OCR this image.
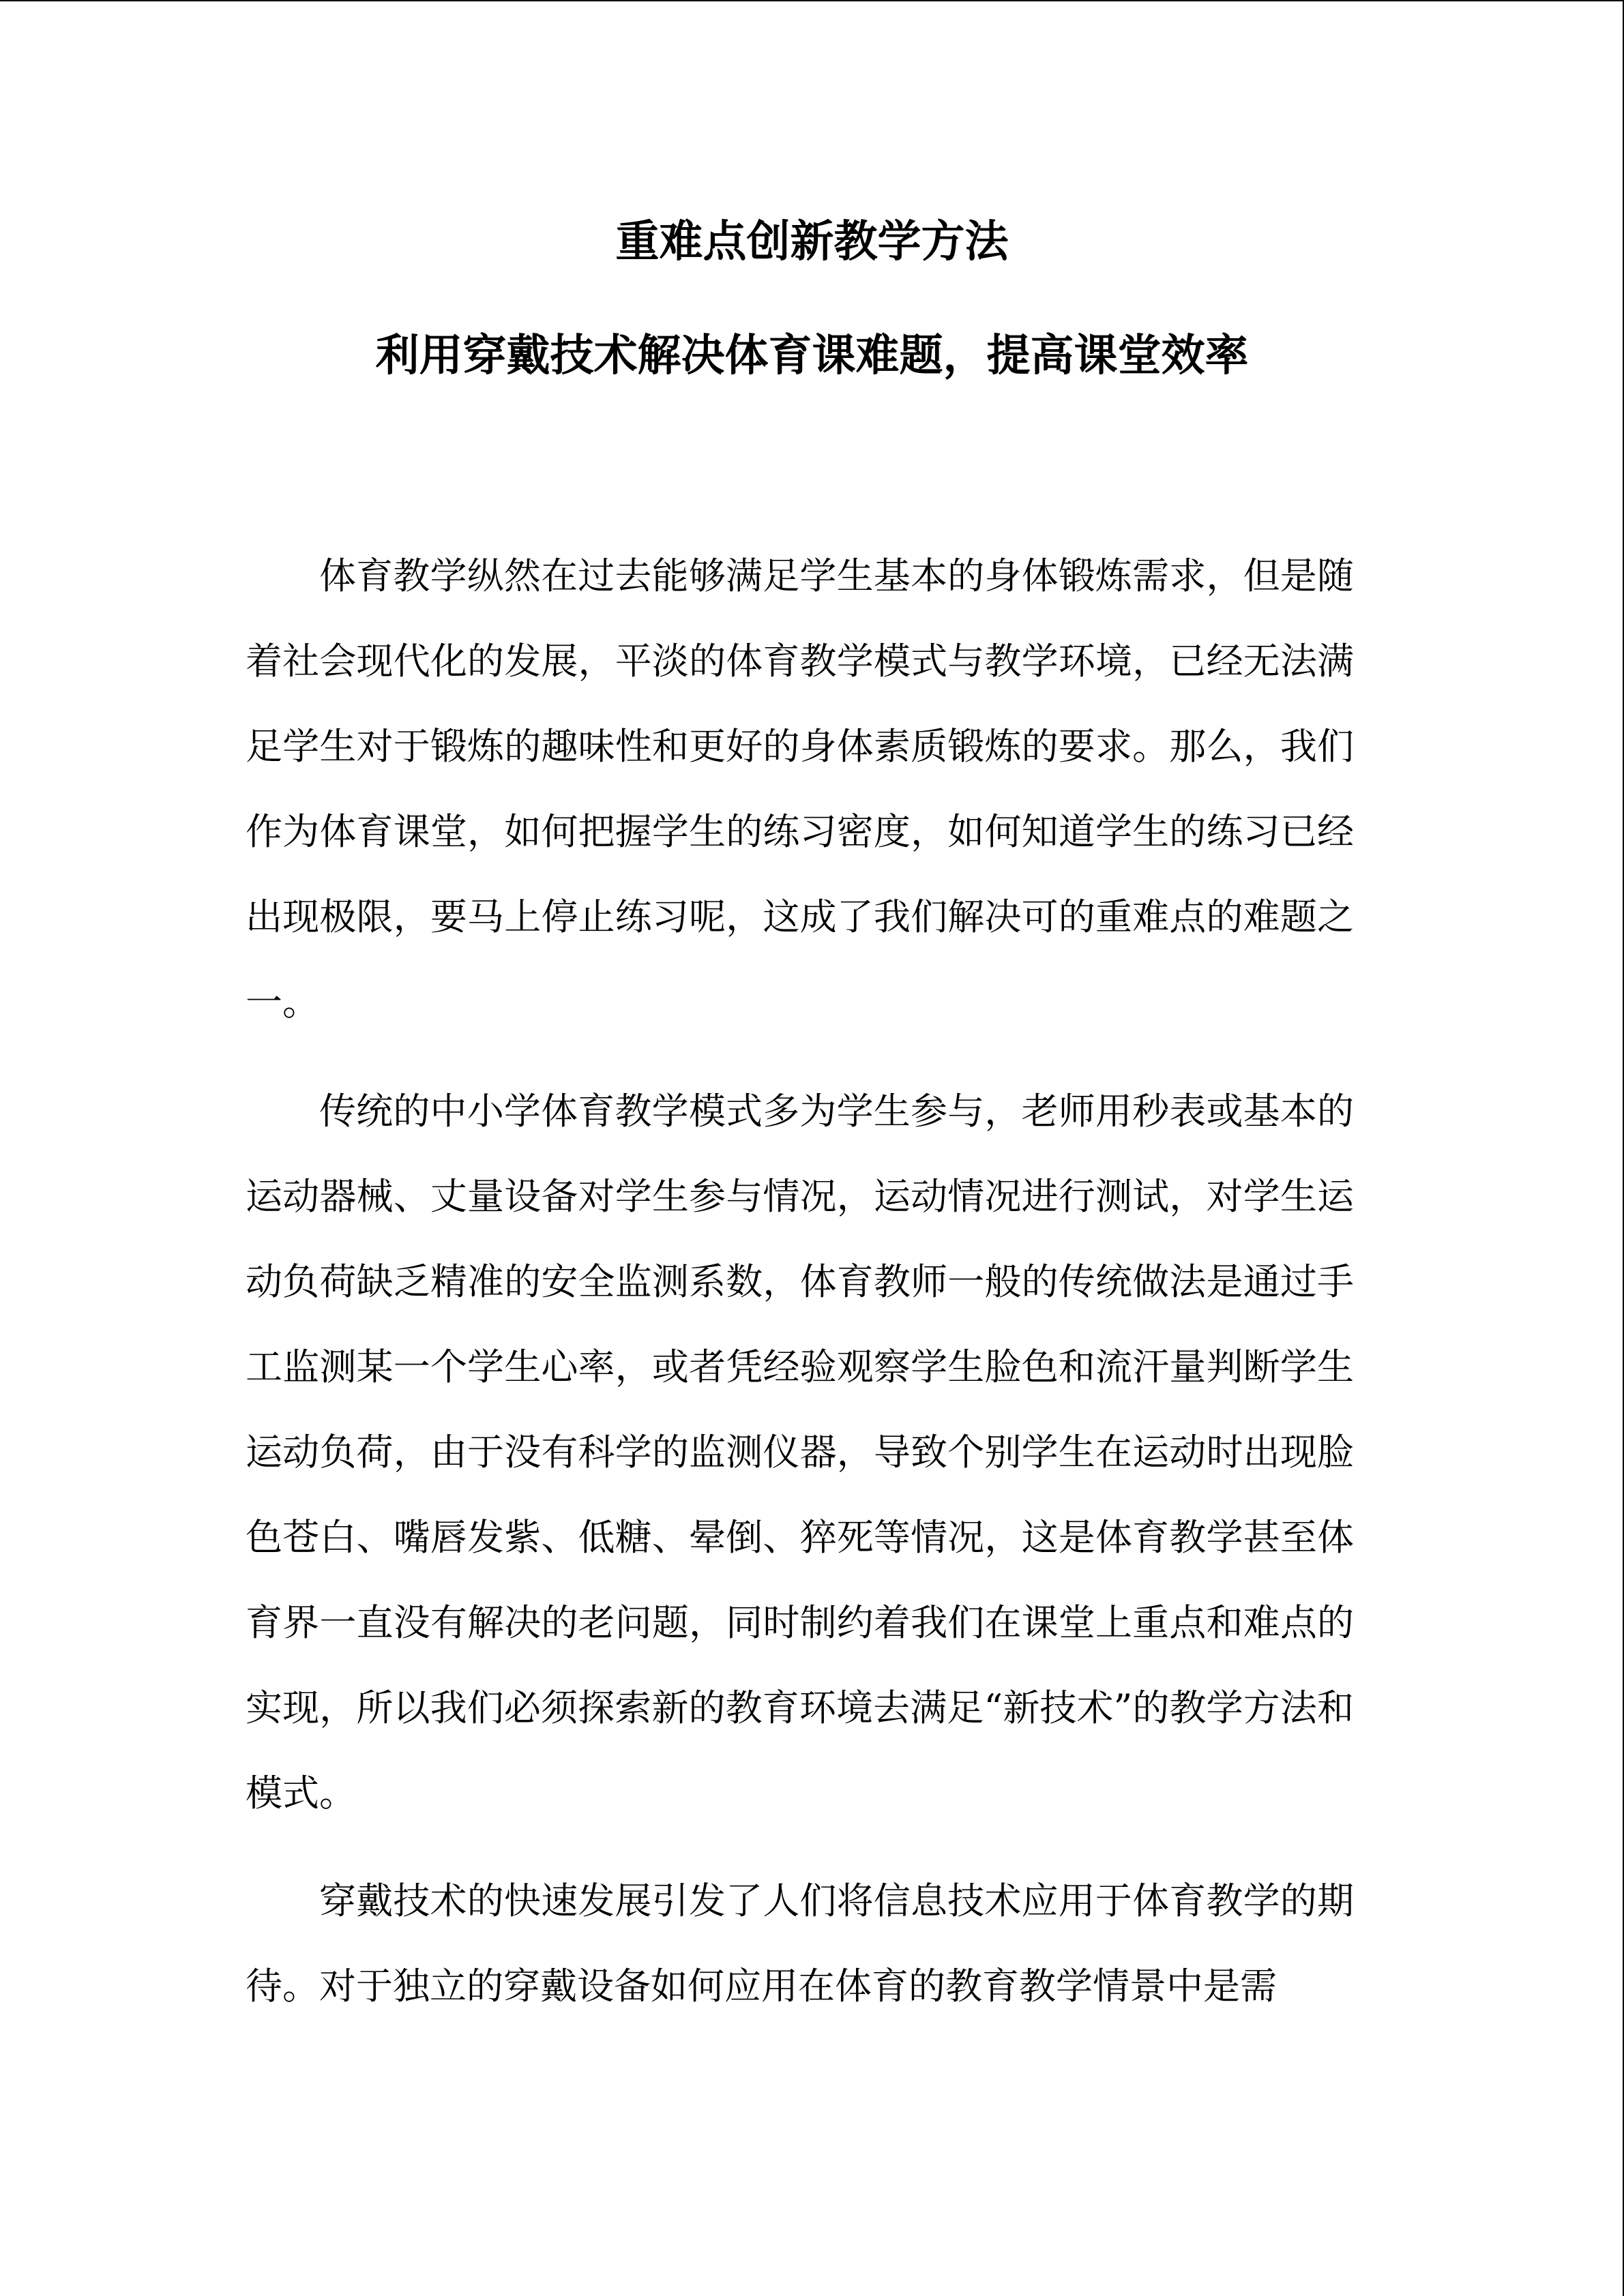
重难点创新教学方法
利用穿戴技术解决体育课难题，提高课堂效率

体育教学纵然在过去能够满足学生基本的身体锻炼需求，但是随着社会现代化的发展，平淡的体育教学模式与教学环境，已经无法满足学生对于锻炼的趣味性和更好的身体素质锻炼的要求。那么，我们作为体育课堂，如何把握学生的练习密度，如何知道学生的练习已经出现极限，要马上停止练习呢，这成了我们解决可的重难点的难题之一。

传统的中小学体育教学模式多为学生参与，老师用秒表或基本的运动器械、丈量设备对学生参与情况，运动情况进行测试，对学生运动负荷缺乏精准的安全监测系数，体育教师一般的传统做法是通过手工监测某一个学生心率，或者凭经验观察学生脸色和流汗量判断学生运动负荷，由于没有科学的监测仪器，导致个别学生在运动时出现脸色苍白、嘴唇发紫、低糖、晕倒、猝死等情况，这是体育教学甚至体育界一直没有解决的老问题，同时制约着我们在课堂上重点和难点的实现，所以我们必须探索新的教育环境去满足“新技术”的教学方法和模式。

穿戴技术的快速发展引发了人们将信息技术应用于体育教学的期待。对于独立的穿戴设备如何应用在体育的教育教学情景中是需
